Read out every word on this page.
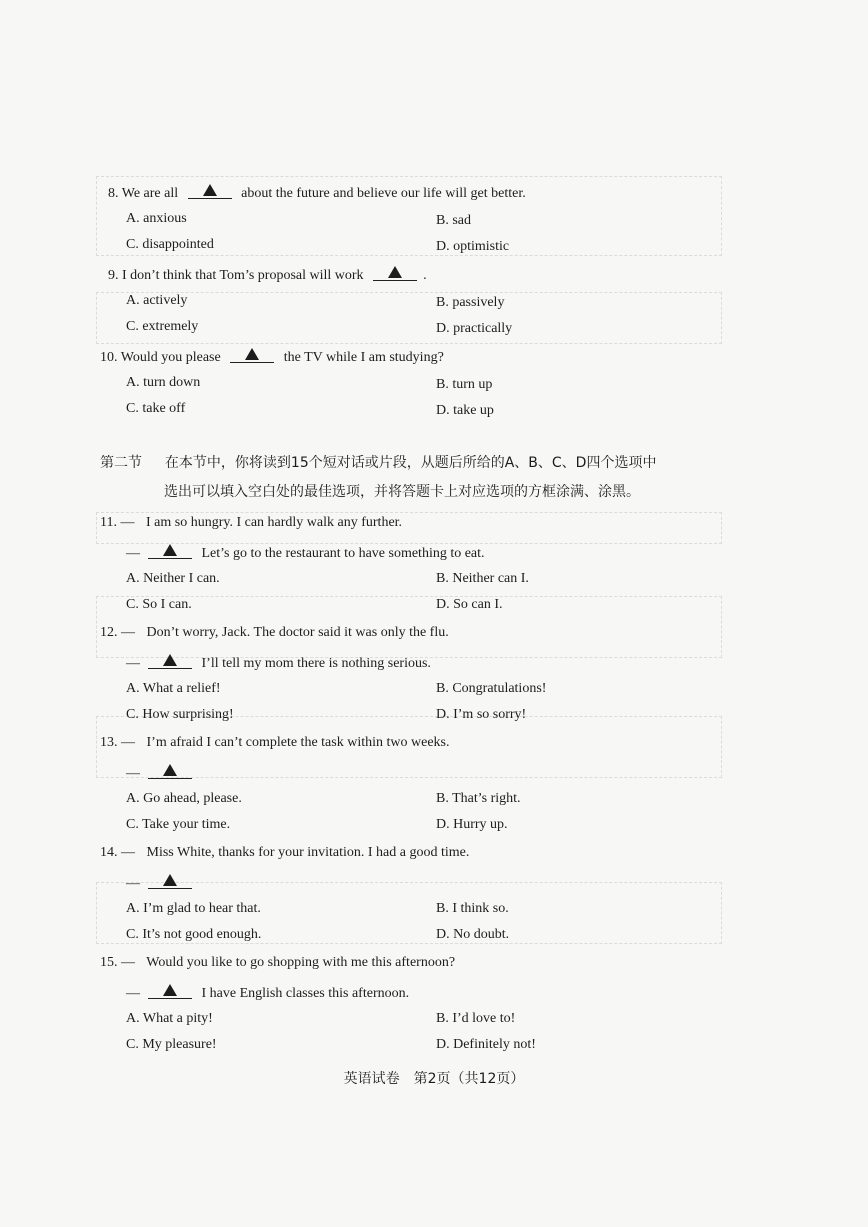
8. We are all	about the future and believe our life will get better.
A. anxious	B. sad
C. disappointed	D. optimistic
9. I don’t think that Tom’s proposal will work	.
A. actively	B. passively
C. extremely	D. practically
10. Would you please	the TV while I am studying?
A. turn down	B. turn up
C. take off	D. take up
第二节 在本节中，你将读到15个短对话或片段，从题后所给的A、B、C、D四个选项中
选出可以填入空白处的最佳选项，并将答题卡上对应选项的方框涂满、涂黑。
11. — I am so hungry. I can hardly walk any further.
—	Let’s go to the restaurant to have something to eat.
A. Neither I can.	B. Neither can I.
C. So I can.	D. So can I.
12. — Don’t worry, Jack. The doctor said it was only the flu.
—	I’ll tell my mom there is nothing serious.
A. What a relief!	B. Congratulations!
C. How surprising!	D. I’m so sorry!
13. — I’m afraid I can’t complete the task within two weeks.
—
A. Go ahead, please.	B. That’s right.
C. Take your time.	D. Hurry up.
14. — Miss White, thanks for your invitation. I had a good time.
—
A. I’m glad to hear that.	B. I think so.
C. It’s not good enough.	D. No doubt.
15. — Would you like to go shopping with me this afternoon?
—	I have English classes this afternoon.
A. What a pity!	B. I’d love to!
C. My pleasure!	D. Definitely not!
英语试卷　第2页（共12页）
